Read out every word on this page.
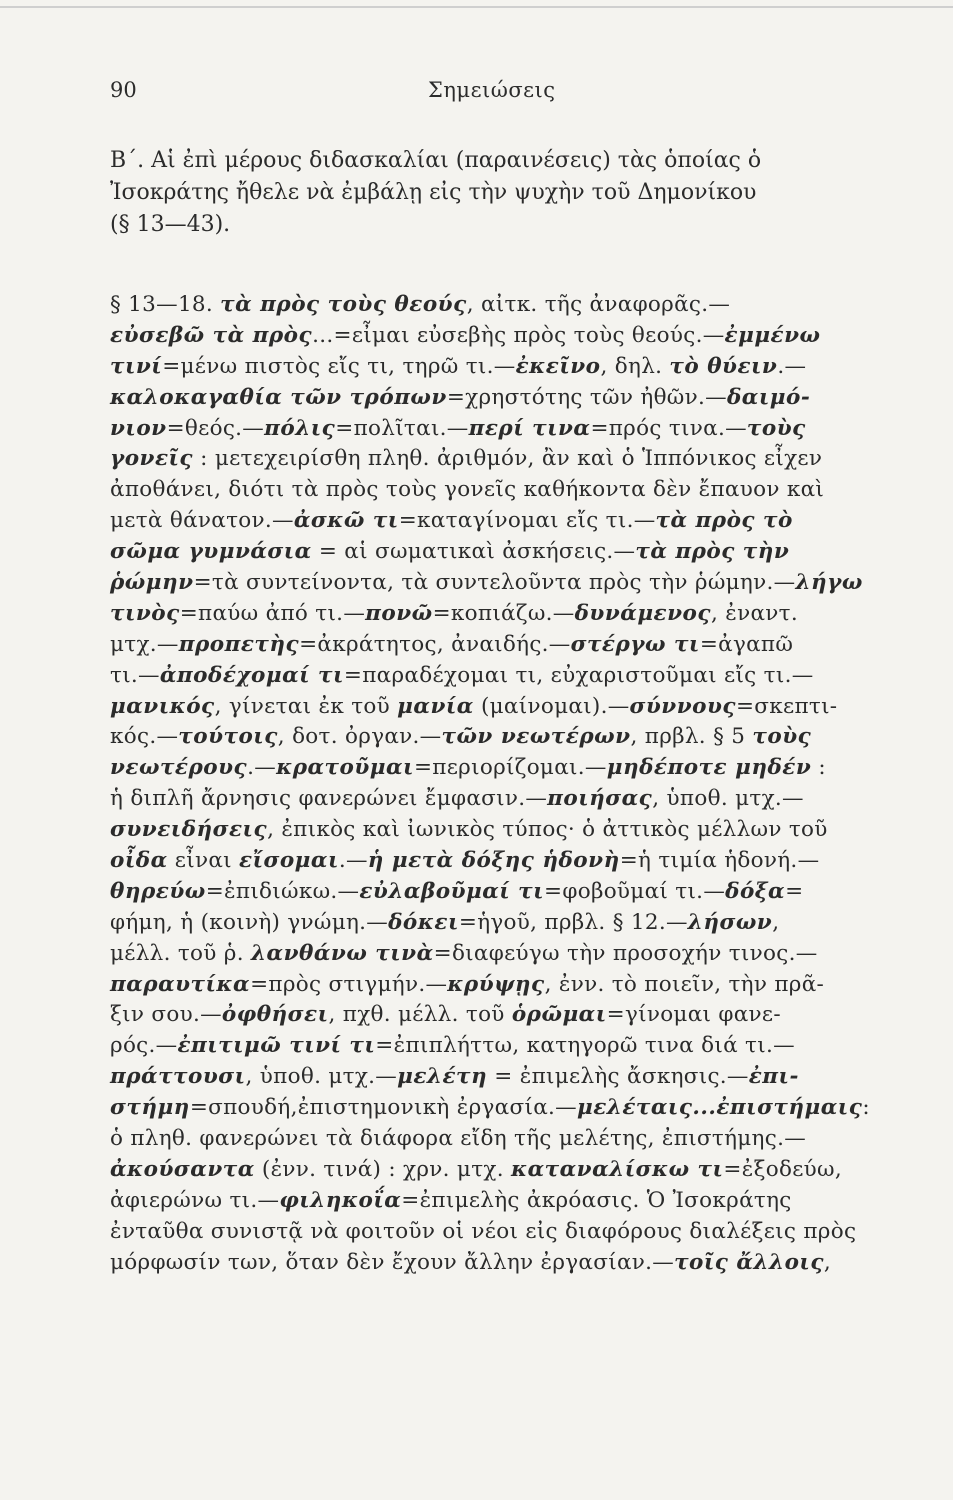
90	Σημειώσεις
Β΄. Αἱ ἐπὶ μέρους διδασκαλίαι (παραινέσεις) τὰς ὁποίας ὁ
Ἰσοκράτης ἤθελε νὰ ἐμβάλῃ εἰς τὴν ψυχὴν τοῦ Δημονίκου
(§ 13—43).
§ 13—18. τὰ πρὸς τοὺς θεούς, αἰτκ. τῆς ἀναφορᾶς.—
εὐσεβῶ τὰ πρὸς...=εἶμαι εὐσεβὴς πρὸς τοὺς θεούς.—ἐμμένω
τινί=μένω πιστὸς εἴς τι, τηρῶ τι.—ἐκεῖνο, δηλ. τὸ θύειν.—
καλοκαγαθία τῶν τρόπων=χρηστότης τῶν ἠθῶν.—δαιμό-
νιον=θεός.—πόλις=πολῖται.—περί τινα=πρός τινα.—τοὺς
γονεῖς : μετεχειρίσθη πληθ. ἀριθμόν, ἂν καὶ ὁ Ἱππόνικος εἶχεν
ἀποθάνει, διότι τὰ πρὸς τοὺς γονεῖς καθήκοντα δὲν ἔπαυον καὶ
μετὰ θάνατον.—ἀσκῶ τι=καταγίνομαι εἴς τι.—τὰ πρὸς τὸ
σῶμα γυμνάσια = αἱ σωματικαὶ ἀσκήσεις.—τὰ πρὸς τὴν
ῥώμην=τὰ συντείνοντα, τὰ συντελοῦντα πρὸς τὴν ῥώμην.—λήγω
τινὸς=παύω ἀπό τι.—πονῶ=κοπιάζω.—δυνάμενος, ἐναντ.
μτχ.—προπετὴς=ἀκράτητος, ἀναιδής.—στέργω τι=ἀγαπῶ
τι.—ἀποδέχομαί τι=παραδέχομαι τι, εὐχαριστοῦμαι εἴς τι.—
μανικός, γίνεται ἐκ τοῦ μανία (μαίνομαι).—σύννους=σκεπτι-
κός.—τούτοις, δοτ. ὀργαν.—τῶν νεωτέρων, πρβλ. § 5 τοὺς
νεωτέρους.—κρατοῦμαι=περιορίζομαι.—μηδέποτε μηδέν :
ἡ διπλῆ ἄρνησις φανερώνει ἔμφασιν.—ποιήσας, ὑποθ. μτχ.—
συνειδήσεις, ἐπικὸς καὶ ἰωνικὸς τύπος· ὁ ἀττικὸς μέλλων τοῦ
οἶδα εἶναι εἴσομαι.—ἡ μετὰ δόξης ἡδονὴ=ἡ τιμία ἡδονή.—
θηρεύω=ἐπιδιώκω.—εὐλαβοῦμαί τι=φοβοῦμαί τι.—δόξα=
φήμη, ἡ (κοινὴ) γνώμη.—δόκει=ἡγοῦ, πρβλ. § 12.—λήσων,
μέλλ. τοῦ ῥ. λανθάνω τινὰ=διαφεύγω τὴν προσοχήν τινος.—
παραυτίκα=πρὸς στιγμήν.—κρύψῃς, ἐνν. τὸ ποιεῖν, τὴν πρᾶ-
ξιν σου.—ὀφθήσει, πχθ. μέλλ. τοῦ ὁρῶμαι=γίνομαι φανε-
ρός.—ἐπιτιμῶ τινί τι=ἐπιπλήττω, κατηγορῶ τινα διά τι.—
πράττουσι, ὑποθ. μτχ.—μελέτη = ἐπιμελὴς ἄσκησις.—ἐπι-
στήμη=σπουδή,ἐπιστημονικὴ ἐργασία.—μελέταις...ἐπιστήμαις:
ὁ πληθ. φανερώνει τὰ διάφορα εἴδη τῆς μελέτης, ἐπιστήμης.—
ἀκούσαντα (ἐνν. τινά) : χρν. μτχ. καταναλίσκω τι=ἐξοδεύω,
ἀφιερώνω τι.—φιληκοΐα=ἐπιμελὴς ἀκρόασις. Ὁ Ἰσοκράτης
ἐνταῦθα συνιστᾷ νὰ φοιτοῦν οἱ νέοι εἰς διαφόρους διαλέξεις πρὸς
μόρφωσίν των, ὅταν δὲν ἔχουν ἄλλην ἐργασίαν.—τοῖς ἄλλοις,
